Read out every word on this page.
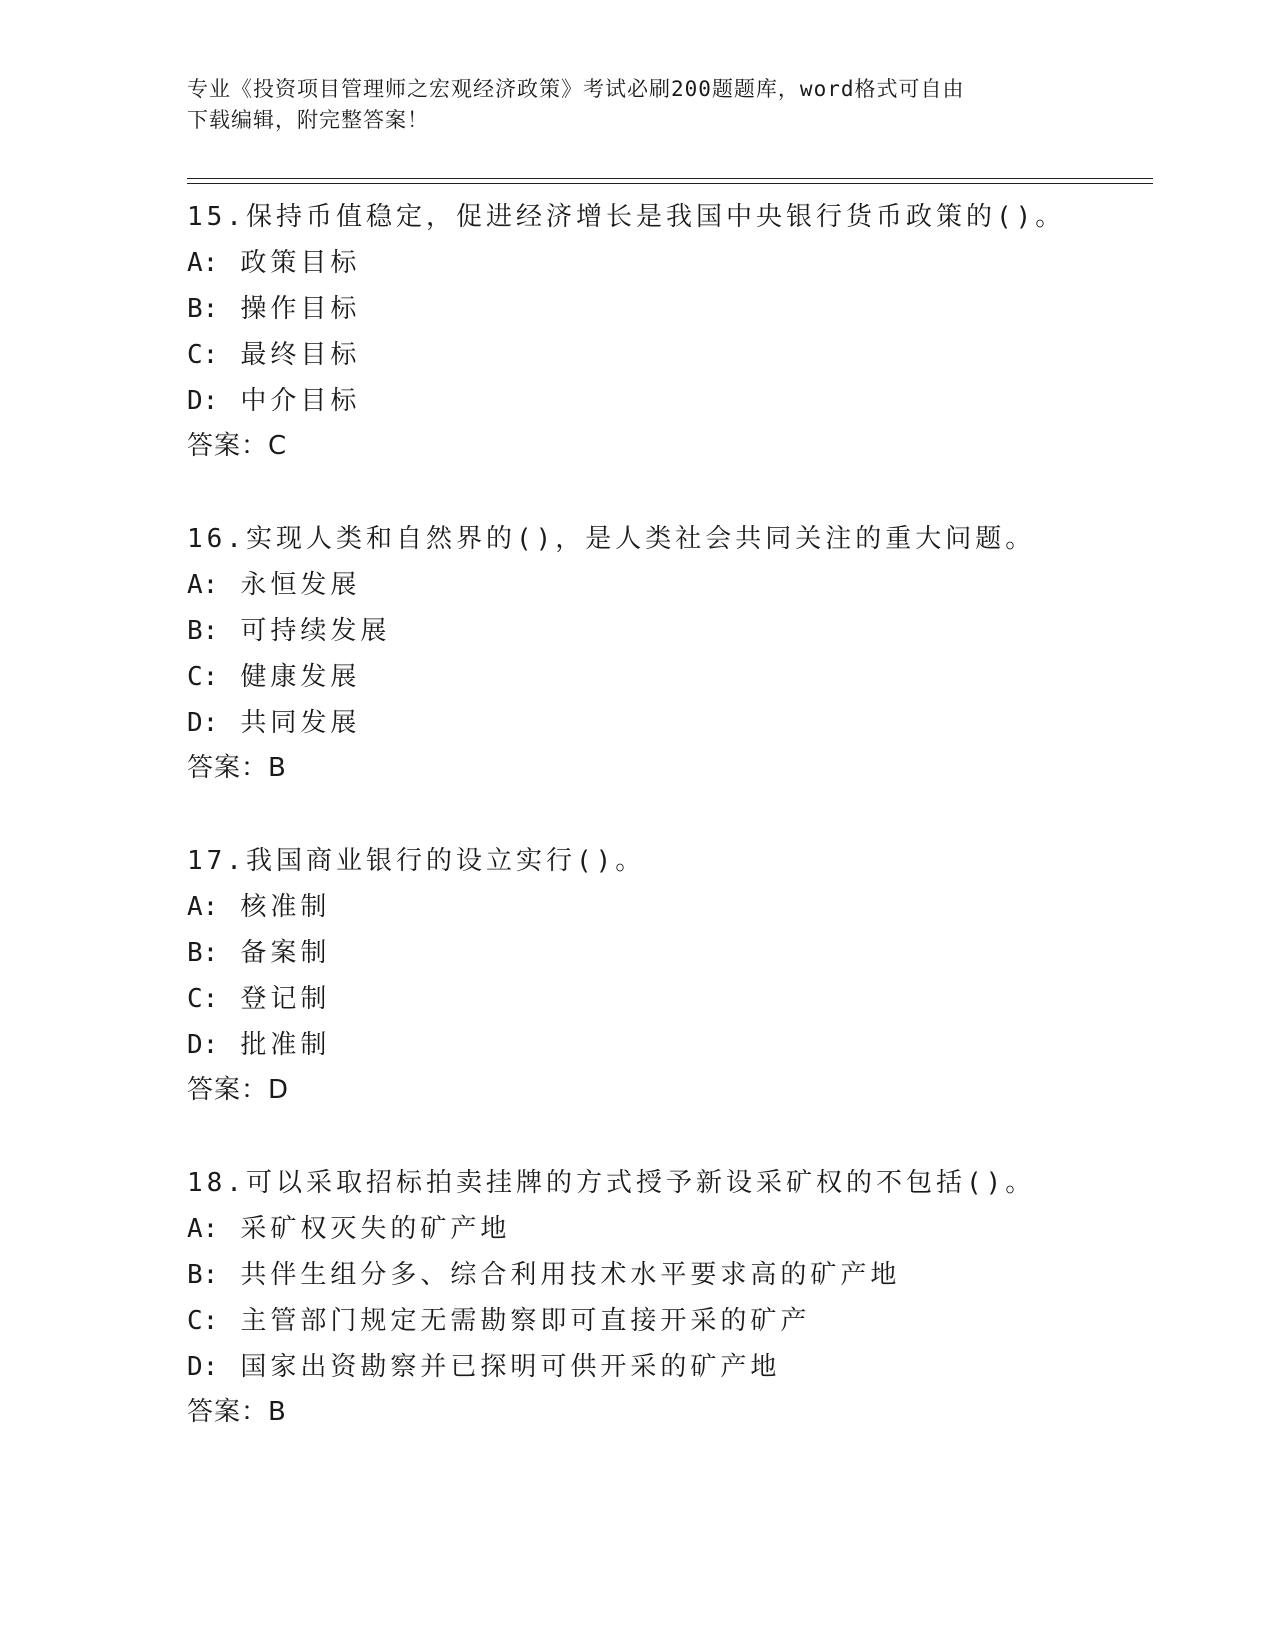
专业《投资项目管理师之宏观经济政策》考试必刷200题题库，word格式可自由
下载编辑，附完整答案！
15.保持币值稳定，促进经济增长是我国中央银行货币政策的()。
A: 政策目标
B: 操作目标
C: 最终目标
D: 中介目标
答案：C
16.实现人类和自然界的()，是人类社会共同关注的重大问题。
A: 永恒发展
B: 可持续发展
C: 健康发展
D: 共同发展
答案：B
17.我国商业银行的设立实行()。
A: 核准制
B: 备案制
C: 登记制
D: 批准制
答案：D
18.可以采取招标拍卖挂牌的方式授予新设采矿权的不包括()。
A: 采矿权灭失的矿产地
B: 共伴生组分多、综合利用技术水平要求高的矿产地
C: 主管部门规定无需勘察即可直接开采的矿产
D: 国家出资勘察并已探明可供开采的矿产地
答案：B
